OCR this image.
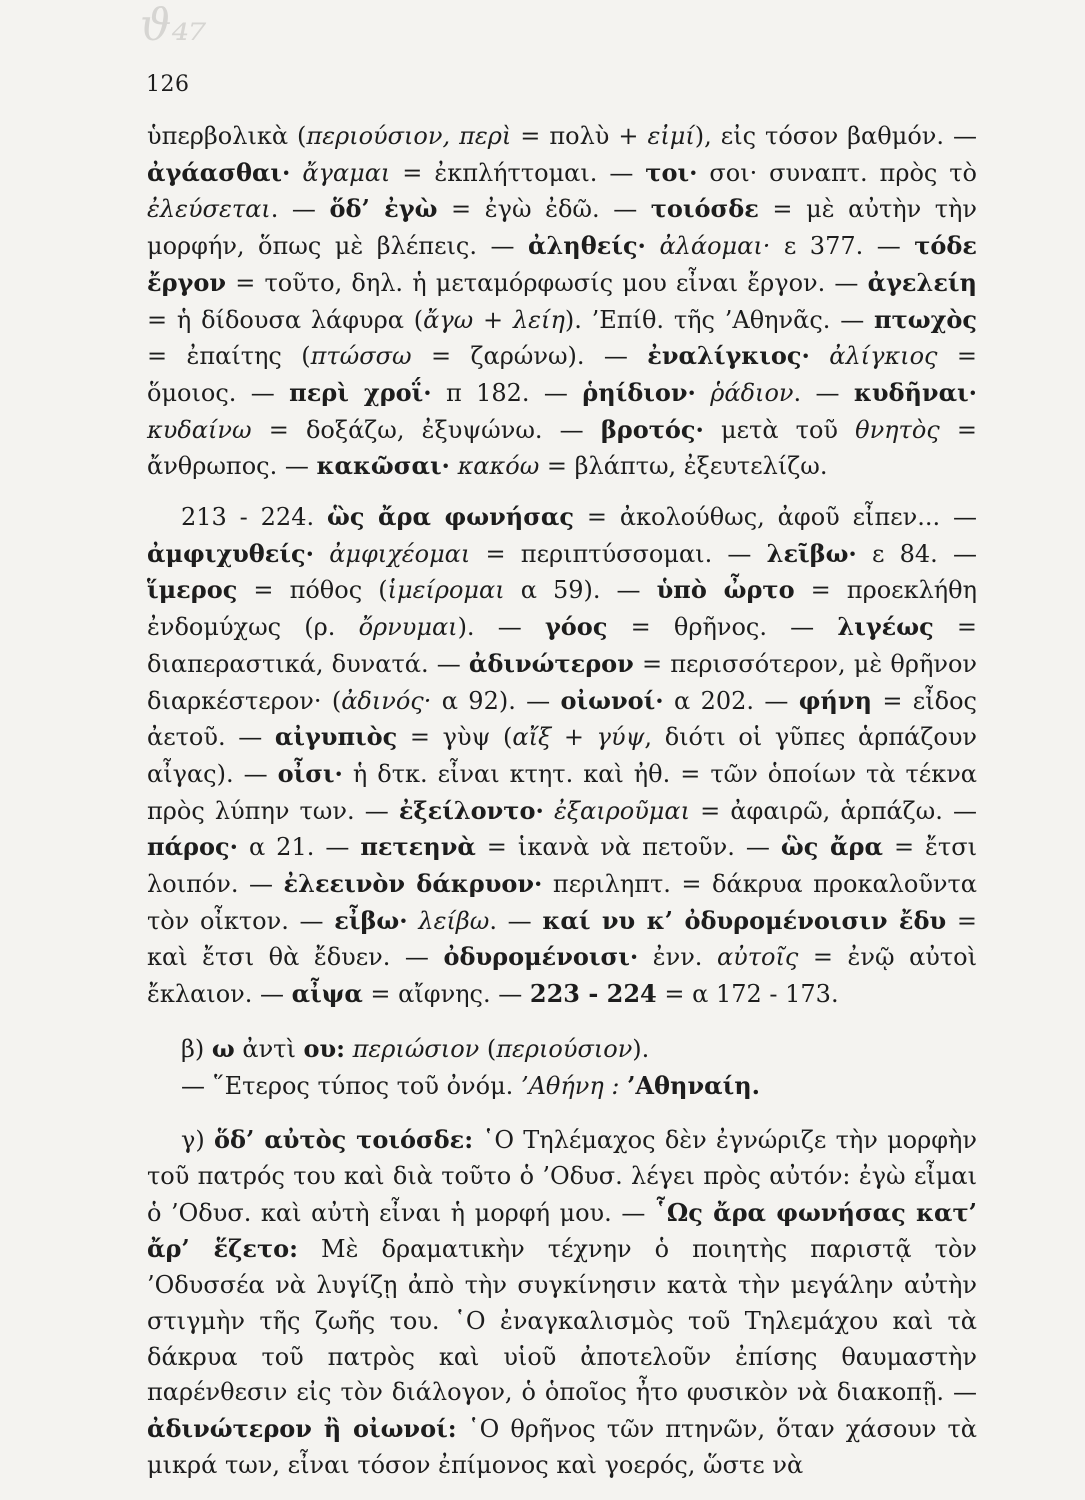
ϑ₄₇
126

ὑπερβολικὰ (περιούσιον, περὶ = πολὺ + εἰμί), εἰς τόσον βαθμόν. — ἀγάασθαι· ἄγαμαι = ἐκπλήττομαι. — τοι· σοι· συναπτ. πρὸς τὸ ἐλεύσεται. — ὅδ’ ἐγὼ = ἐγὼ ἐδῶ. — τοιόσδε = μὲ αὐτὴν τὴν μορφήν, ὅπως μὲ βλέπεις. — ἀληθείς· ἀλάομαι· ε 377. — τόδε ἔργον = τοῦτο, δηλ. ἡ μεταμόρφωσίς μου εἶναι ἔργον. — ἀγελείη = ἡ δίδουσα λάφυρα (ἄγω + λείη). ’Επίθ. τῆς ’Αθηνᾶς. — πτωχὸς = ἐπαίτης (πτώσσω = ζαρώνω). — ἐναλίγκιος· ἀλίγκιος = ὅμοιος. — περὶ χροΐ· π 182. — ῥηίδιον· ῥάδιον. — κυδῆναι· κυδαίνω = δοξάζω, ἐξυψώνω. — βροτός· μετὰ τοῦ θνητὸς = ἄνθρωπος. — κακῶσαι· κακόω = βλάπτω, ἐξευτελίζω.

213 - 224. ὣς ἄρα φωνήσας = ἀκολούθως, ἀφοῦ εἶπεν... — ἀμφιχυθείς· ἀμφιχέομαι = περιπτύσσομαι. — λεῖβω· ε 84. — ἵμερος = πόθος (ἱμείρομαι α 59). — ὑπὸ ὦρτο = προεκλήθη ἐνδομύχως (ρ. ὄρνυμαι). — γόος = θρῆνος. — λιγέως = διαπεραστικά, δυνατά. — ἀδινώτερον = περισσότερον, μὲ θρῆνον διαρκέστερον· (ἀδινός· α 92). — οἰωνοί· α 202. — φήνη = εἶδος ἀετοῦ. — αἰγυπιὸς = γὺψ (αἴξ + γύψ, διότι οἱ γῦπες ἁρπάζουν αἶγας). — οἶσι· ἡ δτκ. εἶναι κτητ. καὶ ἠθ. = τῶν ὁποίων τὰ τέκνα πρὸς λύπην των. — ἐξείλοντο· ἐξαιροῦμαι = ἀφαιρῶ, ἁρπάζω. — πάρος· α 21. — πετεηνὰ = ἱκανὰ νὰ πετοῦν. — ὣς ἄρα = ἔτσι λοιπόν. — ἐλεεινὸν δάκρυον· περιληπτ. = δάκρυα προκαλοῦντα τὸν οἶκτον. — εἶβω· λείβω. — καί νυ κ’ ὀδυρομένοισιν ἔδυ = καὶ ἔτσι θὰ ἔδυεν. — ὀδυρομένοισι· ἐνν. αὐτοῖς = ἐνῷ αὐτοὶ ἔκλαιον. — αἶψα = αἴφνης. — 223 - 224 = α 172 - 173.

β) ω ἀντὶ ου: περιώσιον (περιούσιον).

— ῞Ετερος τύπος τοῦ ὀνόμ. ’Αθήνη : ’Αθηναίη.

γ) ὅδ’ αὐτὸς τοιόσδε: ῾Ο Τηλέμαχος δὲν ἐγνώριζε τὴν μορφὴν τοῦ πατρός του καὶ διὰ τοῦτο ὁ ’Οδυσ. λέγει πρὸς αὐτόν: ἐγὼ εἶμαι ὁ ’Οδυσ. καὶ αὐτὴ εἶναι ἡ μορφή μου. — ῟Ως ἄρα φωνήσας κατ’ ἄρ’ ἕζετο: Μὲ δραματικὴν τέχνην ὁ ποιητὴς παριστᾷ τὸν ’Οδυσσέα νὰ λυγίζῃ ἀπὸ τὴν συγκίνησιν κατὰ τὴν μεγάλην αὐτὴν στιγμὴν τῆς ζωῆς του. ῾Ο ἐναγκαλισμὸς τοῦ Τηλεμάχου καὶ τὰ δάκρυα τοῦ πατρὸς καὶ υἱοῦ ἀποτελοῦν ἐπίσης θαυμαστὴν παρένθεσιν εἰς τὸν διάλογον, ὁ ὁποῖος ἦτο φυσικὸν νὰ διακοπῇ. — ἀδινώτερον ἢ οἰωνοί: ῾Ο θρῆνος τῶν πτηνῶν, ὅταν χάσουν τὰ μικρά των, εἶναι τόσον ἐπίμονος καὶ γοερός, ὥστε νὰ
